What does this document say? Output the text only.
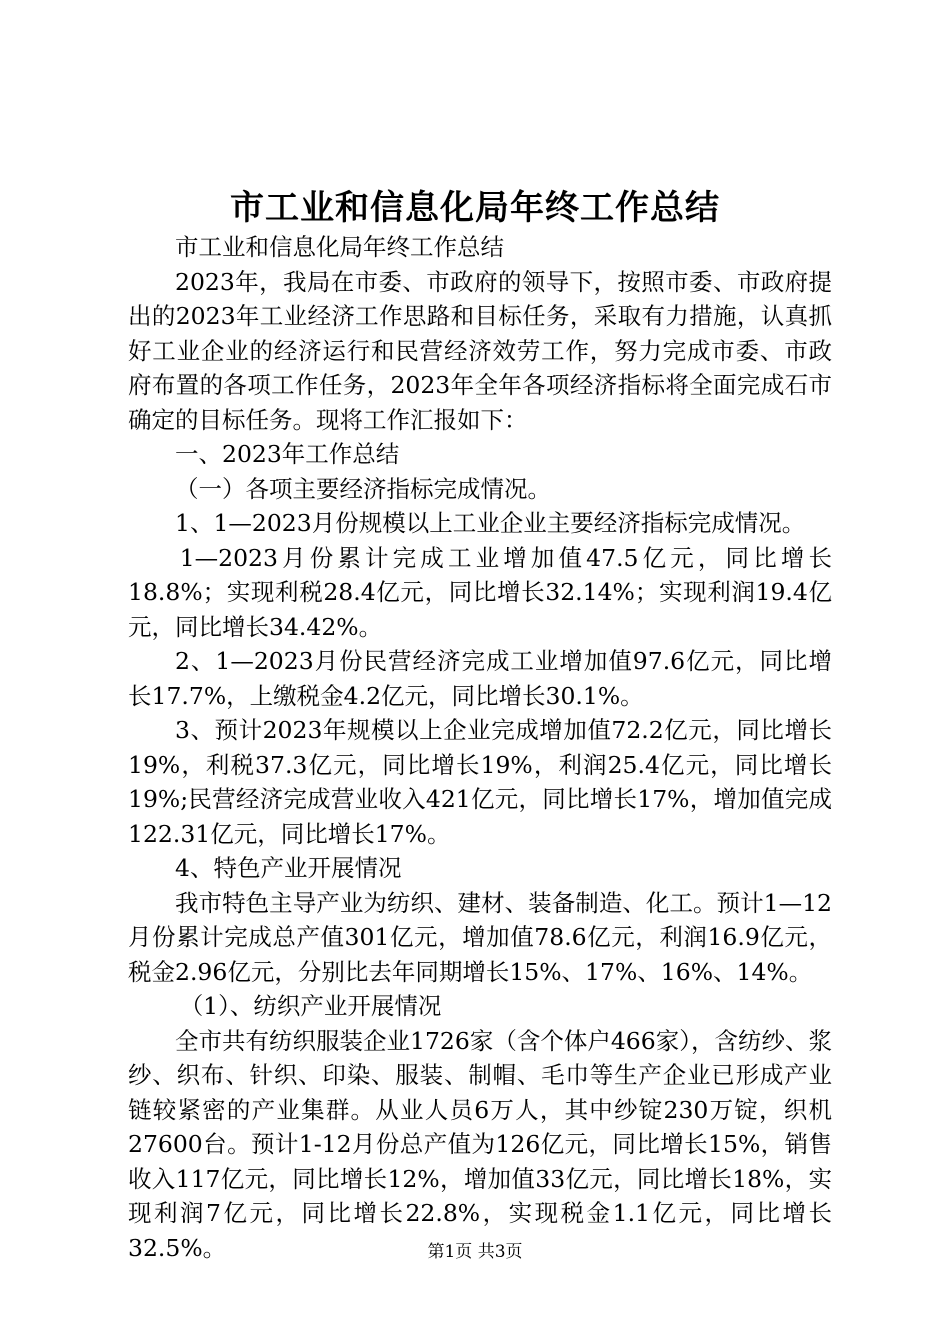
市工业和信息化局年终工作总结

市工业和信息化局年终工作总结

2023年，我局在市委、市政府的领导下，按照市委、市政府提出的2023年工业经济工作思路和目标任务，采取有力措施，认真抓好工业企业的经济运行和民营经济效劳工作，努力完成市委、市政府布置的各项工作任务，2023年全年各项经济指标将全面完成石市确定的目标任务。现将工作汇报如下：

一、2023年工作总结

（一）各项主要经济指标完成情况。

1、1—2023月份规模以上工业企业主要经济指标完成情况。

1—2023月份累计完成工业增加值47.5亿元，同比增长18.8%；实现利税28.4亿元，同比增长32.14%；实现利润19.4亿元，同比增长34.42%。

2、1—2023月份民营经济完成工业增加值97.6亿元，同比增长17.7%，上缴税金4.2亿元，同比增长30.1%。

3、预计2023年规模以上企业完成增加值72.2亿元，同比增长19%，利税37.3亿元，同比增长19%，利润25.4亿元，同比增长19%;民营经济完成营业收入421亿元，同比增长17%，增加值完成122.31亿元，同比增长17%。

4、特色产业开展情况

我市特色主导产业为纺织、建材、装备制造、化工。预计1—12月份累计完成总产值301亿元，增加值78.6亿元，利润16.9亿元，税金2.96亿元，分别比去年同期增长15%、17%、16%、14%。

（1）、纺织产业开展情况

全市共有纺织服装企业1726家（含个体户466家），含纺纱、浆纱、织布、针织、印染、服装、制帽、毛巾等生产企业已形成产业链较紧密的产业集群。从业人员6万人，其中纱锭230万锭，织机27600台。预计1-12月份总产值为126亿元，同比增长15%，销售收入117亿元，同比增长12%，增加值33亿元，同比增长18%，实现利润7亿元，同比增长22.8%，实现税金1.1亿元，同比增长32.5%。	第1页 共3页
